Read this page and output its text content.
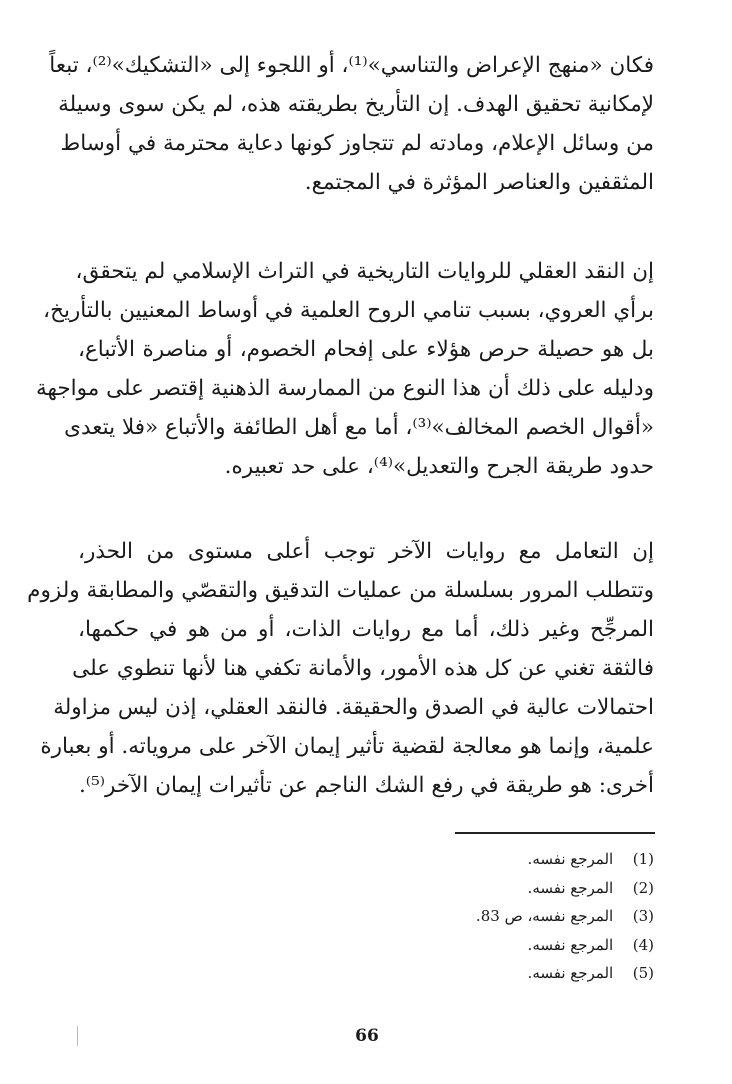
فكان «منهج الإعراض والتناسي»⁽¹⁾، أو اللجوء إلى «التشكيك»⁽²⁾، تبعاً
لإمكانية تحقيق الهدف. إن التأريخ بطريقته هذه، لم يكن سوى وسيلة
من وسائل الإعلام، ومادته لم تتجاوز كونها دعاية محترمة في أوساط
المثقفين والعناصر المؤثرة في المجتمع.
إن النقد العقلي للروايات التاريخية في التراث الإسلامي لم يتحقق،
برأي العروي، بسبب تنامي الروح العلمية في أوساط المعنيين بالتأريخ،
بل هو حصيلة حرص هؤلاء على إفحام الخصوم، أو مناصرة الأتباع،
ودليله على ذلك أن هذا النوع من الممارسة الذهنية إقتصر على مواجهة
«أقوال الخصم المخالف»⁽³⁾، أما مع أهل الطائفة والأتباع «فلا يتعدى
حدود طريقة الجرح والتعديل»⁽⁴⁾، على حد تعبيره.
إن التعامل مع روايات الآخر توجب أعلى مستوى من الحذر،
وتتطلب المرور بسلسلة من عمليات التدقيق والتقصّي والمطابقة ولزوم
المرجِّح وغير ذلك، أما مع روايات الذات، أو من هو في حكمها،
فالثقة تغني عن كل هذه الأمور، والأمانة تكفي هنا لأنها تنطوي على
احتمالات عالية في الصدق والحقيقة. فالنقد العقلي، إذن ليس مزاولة
علمية، وإنما هو معالجة لقضية تأثير إيمان الآخر على مروياته. أو بعبارة
أخرى: هو طريقة في رفع الشك الناجم عن تأثيرات إيمان الآخر⁽⁵⁾.
(1) المرجع نفسه.
(2) المرجع نفسه.
(3) المرجع نفسه، ص 83.
(4) المرجع نفسه.
(5) المرجع نفسه.
66
